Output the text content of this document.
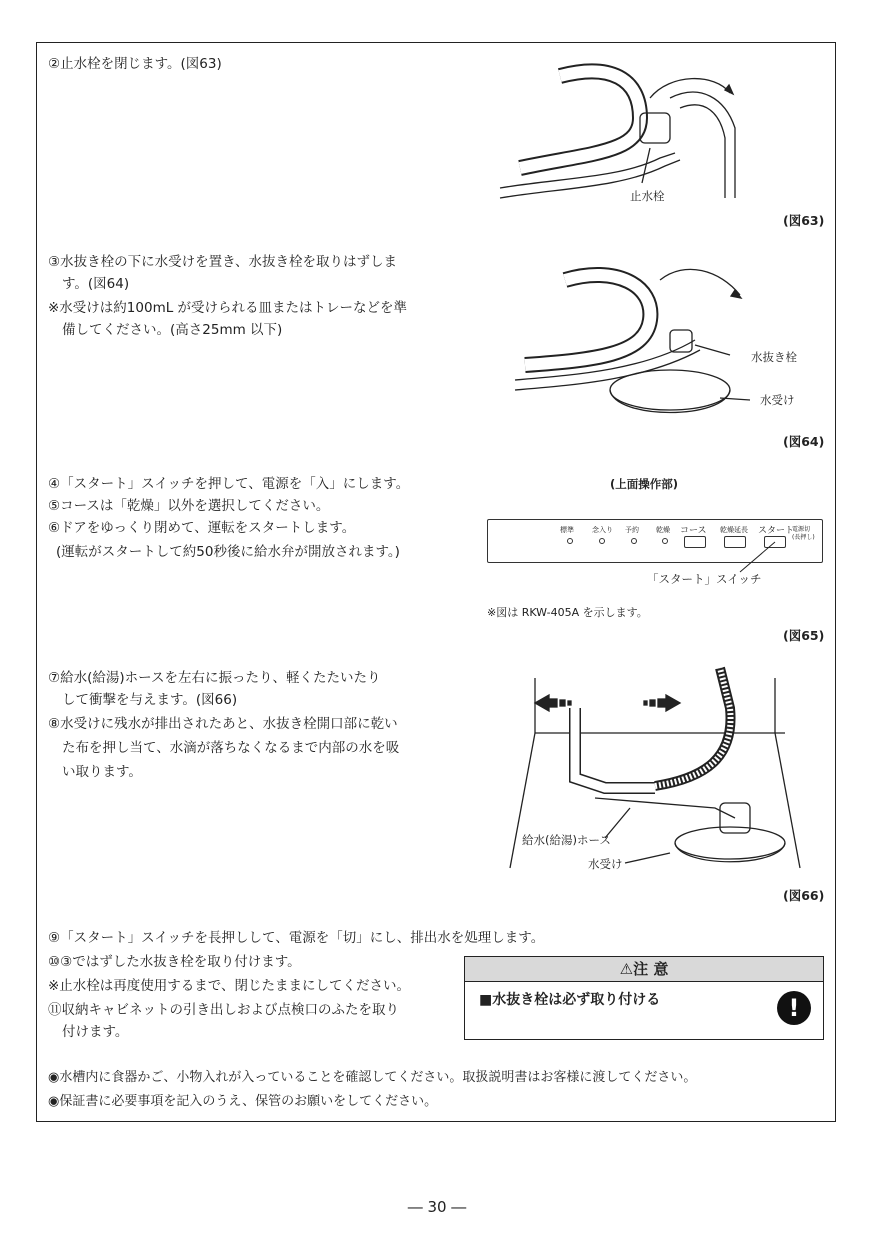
②止水栓を閉じます。(図63)
止水栓
(図63)
③水抜き栓の下に水受けを置き、水抜き栓を取りはずしま
す。(図64)
※水受けは約100mL が受けられる皿またはトレーなどを準
備してください。(高さ25mm 以下)
水抜き栓
水受け
(図64)
④「スタート」スイッチを押して、電源を「入」にします。
⑤コースは「乾燥」以外を選択してください。
⑥ドアをゆっくり閉めて、運転をスタートします。
(運転がスタートして約50秒後に給水弁が開放されます。)
(上面操作部)
標準	念入り 予約 乾燥 コース 乾燥延長 スタート
電源切
(長押し)
「スタート」スイッチ
※図は RKW-405A を示します。
(図65)
⑦給水(給湯)ホースを左右に振ったり、軽くたたいたり
して衝撃を与えます。(図66)
⑧水受けに残水が排出されたあと、水抜き栓開口部に乾い
た布を押し当て、水滴が落ちなくなるまで内部の水を吸
い取ります。
給水(給湯)ホース
水受け
(図66)
⑨「スタート」スイッチを長押しして、電源を「切」にし、排出水を処理します。
⑩③ではずした水抜き栓を取り付けます。
※止水栓は再度使用するまで、閉じたままにしてください。
⑪収納キャビネットの引き出しおよび点検口のふたを取り
付けます。
⚠注 意
■水抜き栓は必ず取り付ける	!
◉水槽内に食器かご、小物入れが入っていることを確認してください。取扱説明書はお客様に渡してください。
◉保証書に必要事項を記入のうえ、保管のお願いをしてください。
― 30 ―
